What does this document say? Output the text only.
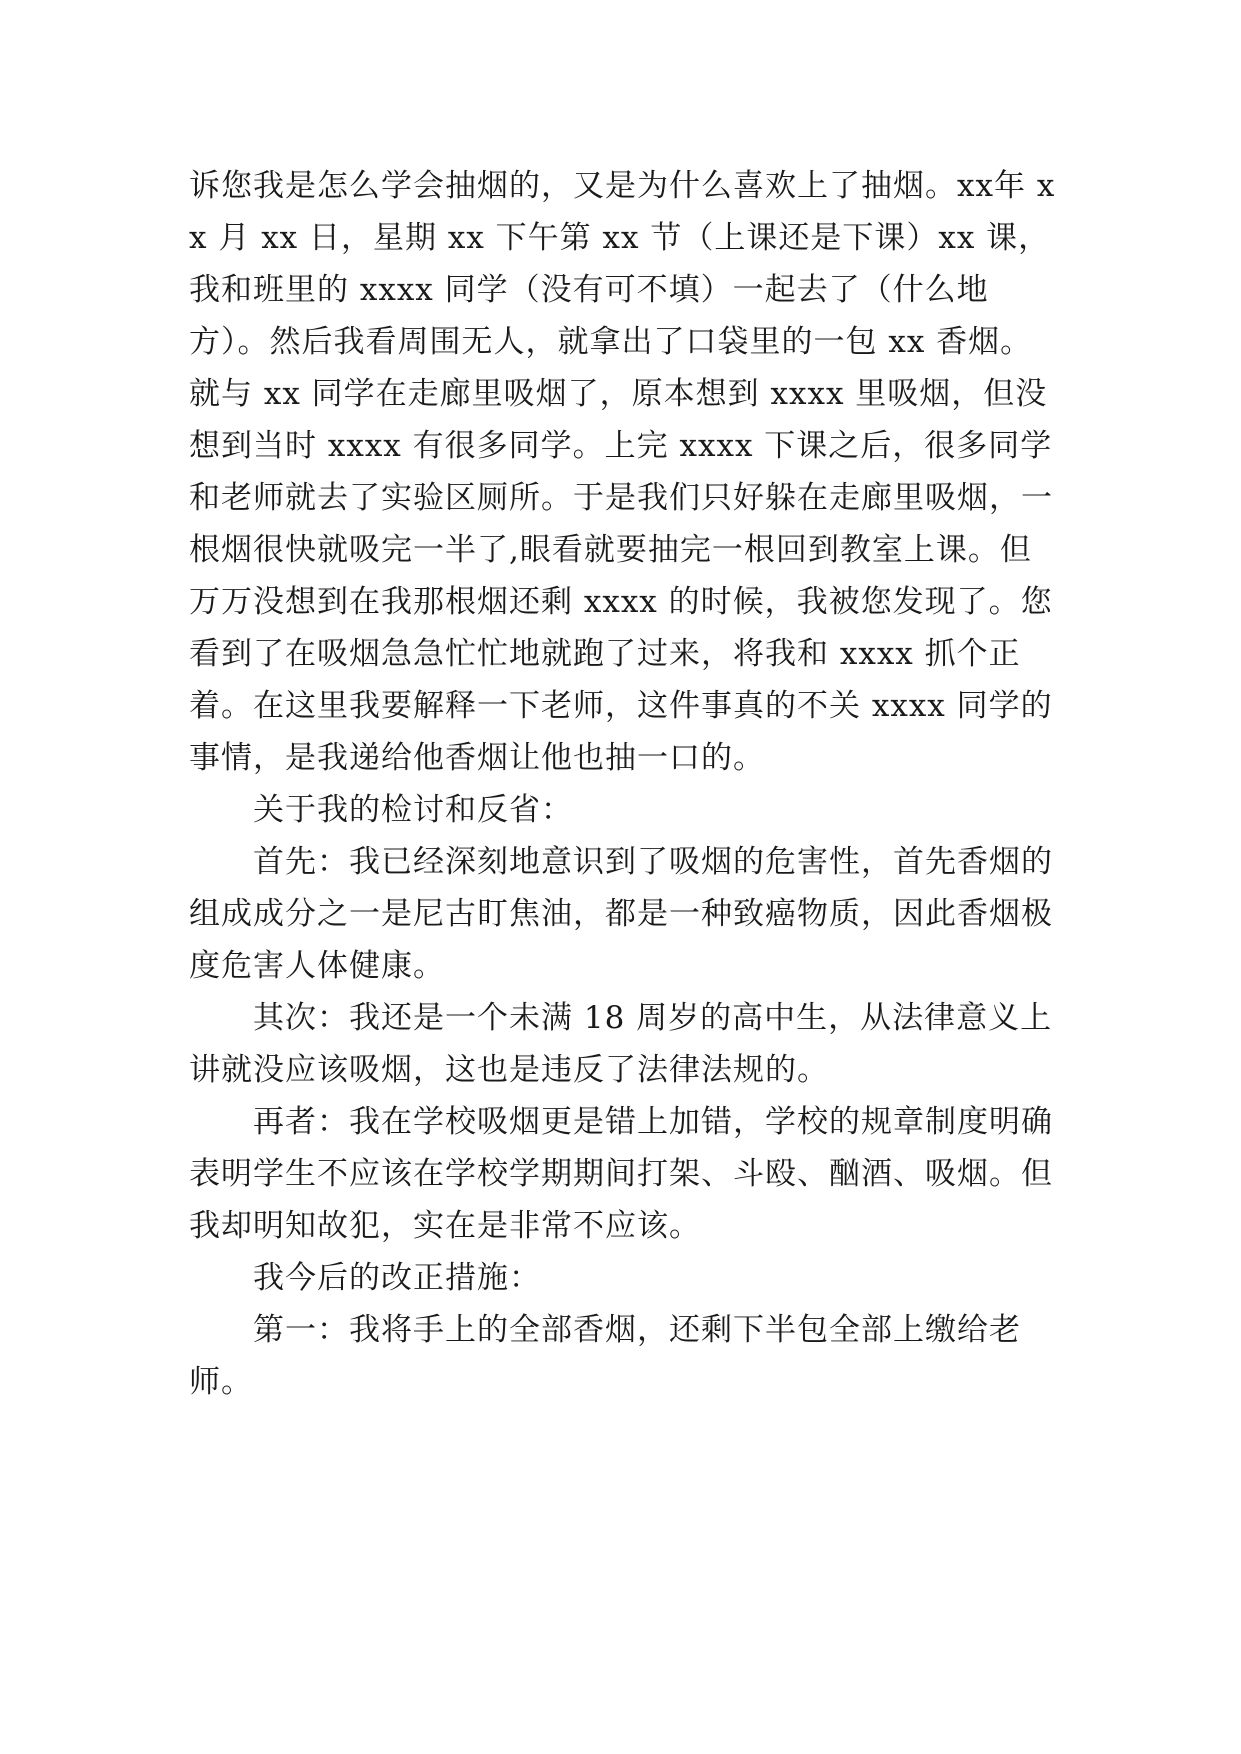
诉您我是怎么学会抽烟的，又是为什么喜欢上了抽烟。xx年 xx 月 xx 日，星期 xx 下午第 xx 节（上课还是下课）xx 课，我和班里的 xxxx 同学（没有可不填）一起去了（什么地方）。然后我看周围无人，就拿出了口袋里的一包 xx 香烟。就与 xx 同学在走廊里吸烟了，原本想到 xxxx 里吸烟，但没想到当时 xxxx 有很多同学。上完 xxxx 下课之后，很多同学和老师就去了实验区厕所。于是我们只好躲在走廊里吸烟，一根烟很快就吸完一半了,眼看就要抽完一根回到教室上课。但万万没想到在我那根烟还剩 xxxx 的时候，我被您发现了。您看到了在吸烟急急忙忙地就跑了过来，将我和 xxxx 抓个正着。在这里我要解释一下老师，这件事真的不关 xxxx 同学的事情，是我递给他香烟让他也抽一口的。

关于我的检讨和反省：

首先：我已经深刻地意识到了吸烟的危害性，首先香烟的组成成分之一是尼古盯焦油，都是一种致癌物质，因此香烟极度危害人体健康。

其次：我还是一个未满 18 周岁的高中生，从法律意义上讲就没应该吸烟，这也是违反了法律法规的。

再者：我在学校吸烟更是错上加错，学校的规章制度明确表明学生不应该在学校学期期间打架、斗殴、酗酒、吸烟。但我却明知故犯，实在是非常不应该。

我今后的改正措施：

第一：我将手上的全部香烟，还剩下半包全部上缴给老师。
